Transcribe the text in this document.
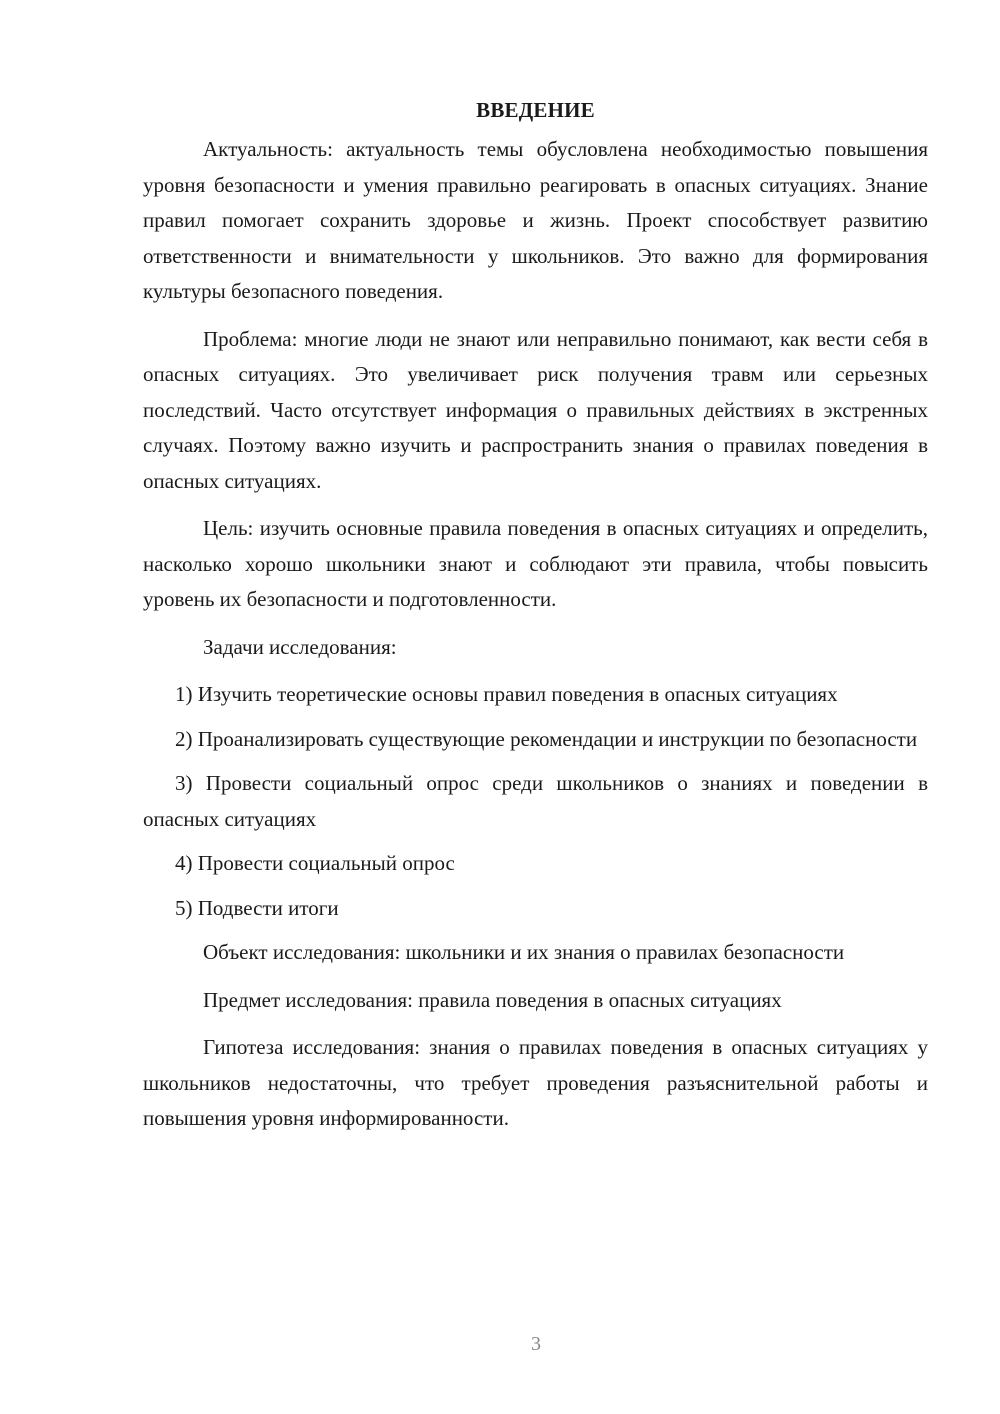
ВВЕДЕНИЕ

Актуальность: актуальность темы обусловлена необходимостью повышения уровня безопасности и умения правильно реагировать в опасных ситуациях. Знание правил помогает сохранить здоровье и жизнь. Проект способствует развитию ответственности и внимательности у школьников. Это важно для формирования культуры безопасного поведения.

Проблема: многие люди не знают или неправильно понимают, как вести себя в опасных ситуациях. Это увеличивает риск получения травм или серьезных последствий. Часто отсутствует информация о правильных действиях в экстренных случаях. Поэтому важно изучить и распространить знания о правилах поведения в опасных ситуациях.

Цель: изучить основные правила поведения в опасных ситуациях и определить, насколько хорошо школьники знают и соблюдают эти правила, чтобы повысить уровень их безопасности и подготовленности.

Задачи исследования:

1) Изучить теоретические основы правил поведения в опасных ситуациях

2) Проанализировать существующие рекомендации и инструкции по безопасности

3) Провести социальный опрос среди школьников о знаниях и поведении в опасных ситуациях

4) Провести социальный опрос

5) Подвести итоги

Объект исследования: школьники и их знания о правилах безопасности

Предмет исследования: правила поведения в опасных ситуациях

Гипотеза исследования: знания о правилах поведения в опасных ситуациях у школьников недостаточны, что требует проведения разъяснительной работы и повышения уровня информированности.

3
